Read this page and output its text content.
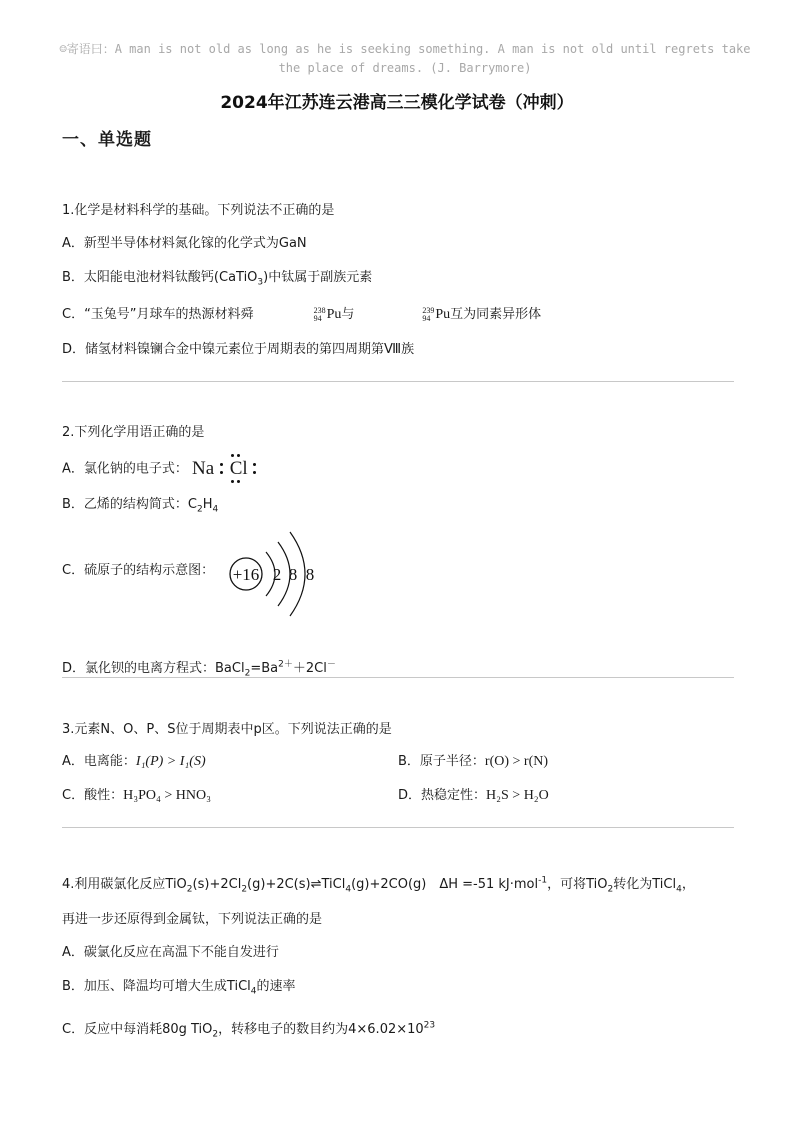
☺寄语曰：A man is not old as long as he is seeking something. A man is not old until regrets take the place of dreams. (J. Barrymore)
2024年江苏连云港高三三模化学试卷（冲刺）
一、单选题
1.化学是材料科学的基础。下列说法不正确的是
A．新型半导体材料氮化镓的化学式为GaN
B．太阳能电池材料钛酸钙(CaTiO$_3$)中钛属于副族元素
C．“玉兔号”月球车的热源材料舜	238
94 Pu与	239
94 Pu互为同素异形体
D．储氢材料镍镧合金中镍元素位于周期表的第四周期第Ⅷ族
2.下列化学用语正确的是
A．氯化钠的电子式： Na Cl

B．乙烯的结构简式：$C_2H_4$
C．硫原子的结构示意图： +16 2 8 8
D．氯化钡的电离方程式：$BaCl_2=Ba^{2+}+2Cl^-$
3.元素N、O、P、S位于周期表中p区。下列说法正确的是
A．电离能：I₁(P) > I₁(S)	B．原子半径：r(O) > r(N)
C．酸性：H₃PO₄ > HNO₃	D．热稳定性：H₂S > H₂O
4.利用碳氯化反应$TiO_2(s)+2Cl_2(g)+2C(s)\rightleftharpoons TiCl_4(g)+2CO(g)$　ΔH =-51 kJ·mol$^{-1}$，可将TiO$_2$转化为TiCl$_4$，
再进一步还原得到金属钛，下列说法正确的是
A．碳氯化反应在高温下不能自发进行
B．加压、降温均可增大生成TiCl$_4$的速率
C．反应中每消耗80g TiO$_2$，转移电子的数目约为$4\times 6.02\times 10^{23}$
